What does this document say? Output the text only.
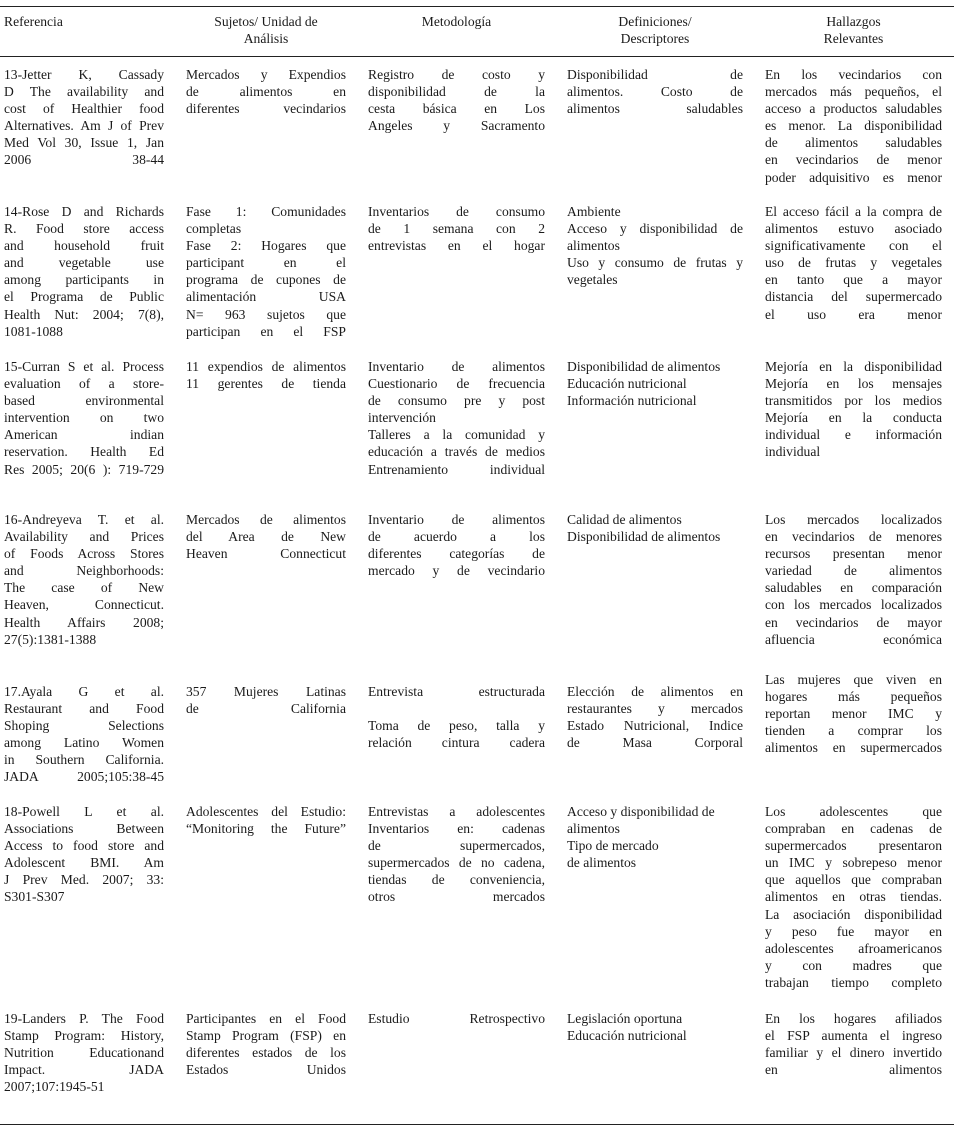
Referencia	Sujetos/ Unidad de
Análisis
Metodología	Definiciones/
Descriptores
Hallazgos
Relevantes
13-Jetter K, Cassady
D The availability and
cost of Healthier food
Alternatives. Am J of Prev
Med Vol 30, Issue 1, Jan
2006 38-44
Mercados y Expendios
de alimentos en
diferentes vecindarios
Registro de costo y
disponibilidad de la
cesta básica en Los
Angeles y Sacramento
Disponibilidad de
alimentos. Costo de
alimentos saludables
En los vecindarios con
mercados más pequeños, el
acceso a productos saludables
es menor. La disponibilidad
de alimentos saludables
en vecindarios de menor
poder adquisitivo es menor
14-Rose D and Richards
R. Food store access
and household fruit
and vegetable use
among participants in
el Programa de Public
Health Nut: 2004; 7(8),
1081-1088
Fase 1: Comunidades
completas
Fase 2: Hogares que
participant en el
programa de cupones de
alimentación USA
N= 963 sujetos que
participan en el FSP
Inventarios de consumo
de 1 semana con 2
entrevistas en el hogar
Ambiente
Acceso y disponibilidad de
alimentos
Uso y consumo de frutas y
vegetales
El acceso fácil a la compra de
alimentos estuvo asociado
significativamente con el
uso de frutas y vegetales
en tanto que a mayor
distancia del supermercado
el uso era menor
15-Curran S et al. Process
evaluation of a store-
based environmental
intervention on two
American indian
reservation. Health Ed
Res 2005; 20(6 ): 719-729
11 expendios de alimentos
11 gerentes de tienda
Inventario de alimentos
Cuestionario de frecuencia
de consumo pre y post
intervención
Talleres a la comunidad y
educación a través de medios
Entrenamiento individual
Disponibilidad de alimentos
Educación nutricional
Información nutricional
Mejoría en la disponibilidad
Mejoría en los mensajes
transmitidos por los medios
Mejoría en la conducta
individual e información
individual
16-Andreyeva T. et al.
Availability and Prices
of Foods Across Stores
and Neighborhoods:
The case of New
Heaven, Connecticut.
Health Affairs 2008;
27(5):1381-1388
Mercados de alimentos
del Area de New
Heaven Connecticut
Inventario de alimentos
de acuerdo a los
diferentes categorías de
mercado y de vecindario
Calidad de alimentos
Disponibilidad de alimentos
Los mercados localizados
en vecindarios de menores
recursos presentan menor
variedad de alimentos
saludables en comparación
con los mercados localizados
en vecindarios de mayor
afluencia económica
17.Ayala G et al.
Restaurant and Food
Shoping Selections
among Latino Women
in Southern California.
JADA 2005;105:38-45
357 Mujeres Latinas
de California
Entrevista estructurada

Toma de peso, talla y
relación cintura cadera
Elección de alimentos en
restaurantes y mercados
Estado Nutricional, Indice
de Masa Corporal
Las mujeres que viven en
hogares más pequeños
reportan menor IMC y
tienden a comprar los
alimentos en supermercados
18-Powell L et al.
Associations Between
Access to food store and
Adolescent BMI. Am
J Prev Med. 2007; 33:
S301-S307
Adolescentes del Estudio:
“Monitoring the Future”
Entrevistas a adolescentes
Inventarios en: cadenas
de supermercados,
supermercados de no cadena,
tiendas de conveniencia,
otros mercados
Acceso y disponibilidad de
alimentos
Tipo de mercado
de alimentos
Los adolescentes que
compraban en cadenas de
supermercados presentaron
un IMC y sobrepeso menor
que aquellos que compraban
alimentos en otras tiendas.
La asociación disponibilidad
y peso fue mayor en
adolescentes afroamericanos
y con madres que
trabajan tiempo completo
19-Landers P. The Food
Stamp Program: History,
Nutrition Educationand
Impact. JADA
2007;107:1945-51
Participantes en el Food
Stamp Program (FSP) en
diferentes estados de los
Estados Unidos
Estudio Retrospectivo Legislación oportuna
Educación nutricional
En los hogares afiliados
el FSP aumenta el ingreso
familiar y el dinero invertido
en alimentos
